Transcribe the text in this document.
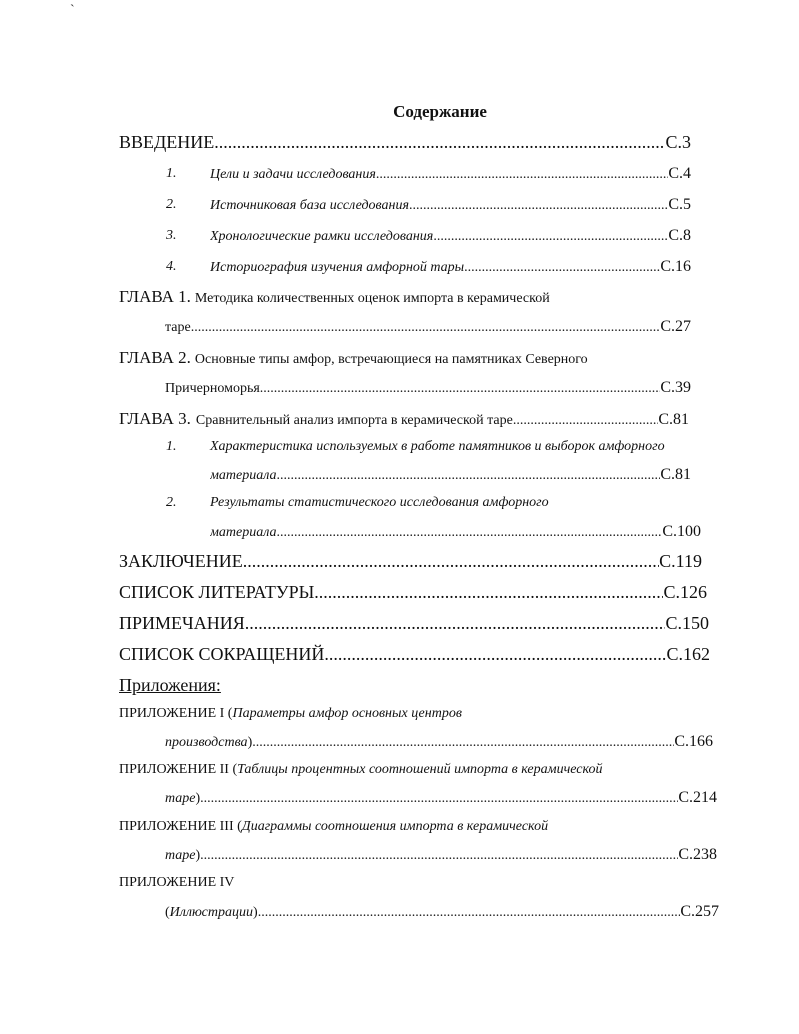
ˋ
Содержание
ВВЕДЕНИЕ .....	С.3
1. Цели и задачи исследования .....	С.4
2. Источниковая база исследования .....	С.5
3. Хронологические рамки исследования .....	С.8
4. Историография изучения амфорной тары .....	С.16
ГЛАВА 1. Методика количественных оценок импорта в керамической
таре .....	С.27
ГЛАВА 2. Основные типы амфор, встречающиеся на памятниках Северного
Причерноморья .....	С.39
ГЛАВА 3. Сравнительный анализ импорта в керамической таре .....	С.81
1. Характеристика используемых в работе памятников и выборок амфорного
материала .....	С.81
2. Результаты статистического исследования амфорного
материала .....	С.100
ЗАКЛЮЧЕНИЕ .....	С.119
СПИСОК ЛИТЕРАТУРЫ .....	С.126
ПРИМЕЧАНИЯ .....	С.150
СПИСОК СОКРАЩЕНИЙ .....	С.162
Приложения:
ПРИЛОЖЕНИЕ I (Параметры амфор основных центров
производства ) .....	С.166
ПРИЛОЖЕНИЕ II (Таблицы процентных соотношений импорта в керамической
таре ) .....	С.214
ПРИЛОЖЕНИЕ III (Диаграммы соотношения импорта в керамической
таре ) .....	С.238
ПРИЛОЖЕНИЕ IV
( Иллюстрации ) .....	С.257
